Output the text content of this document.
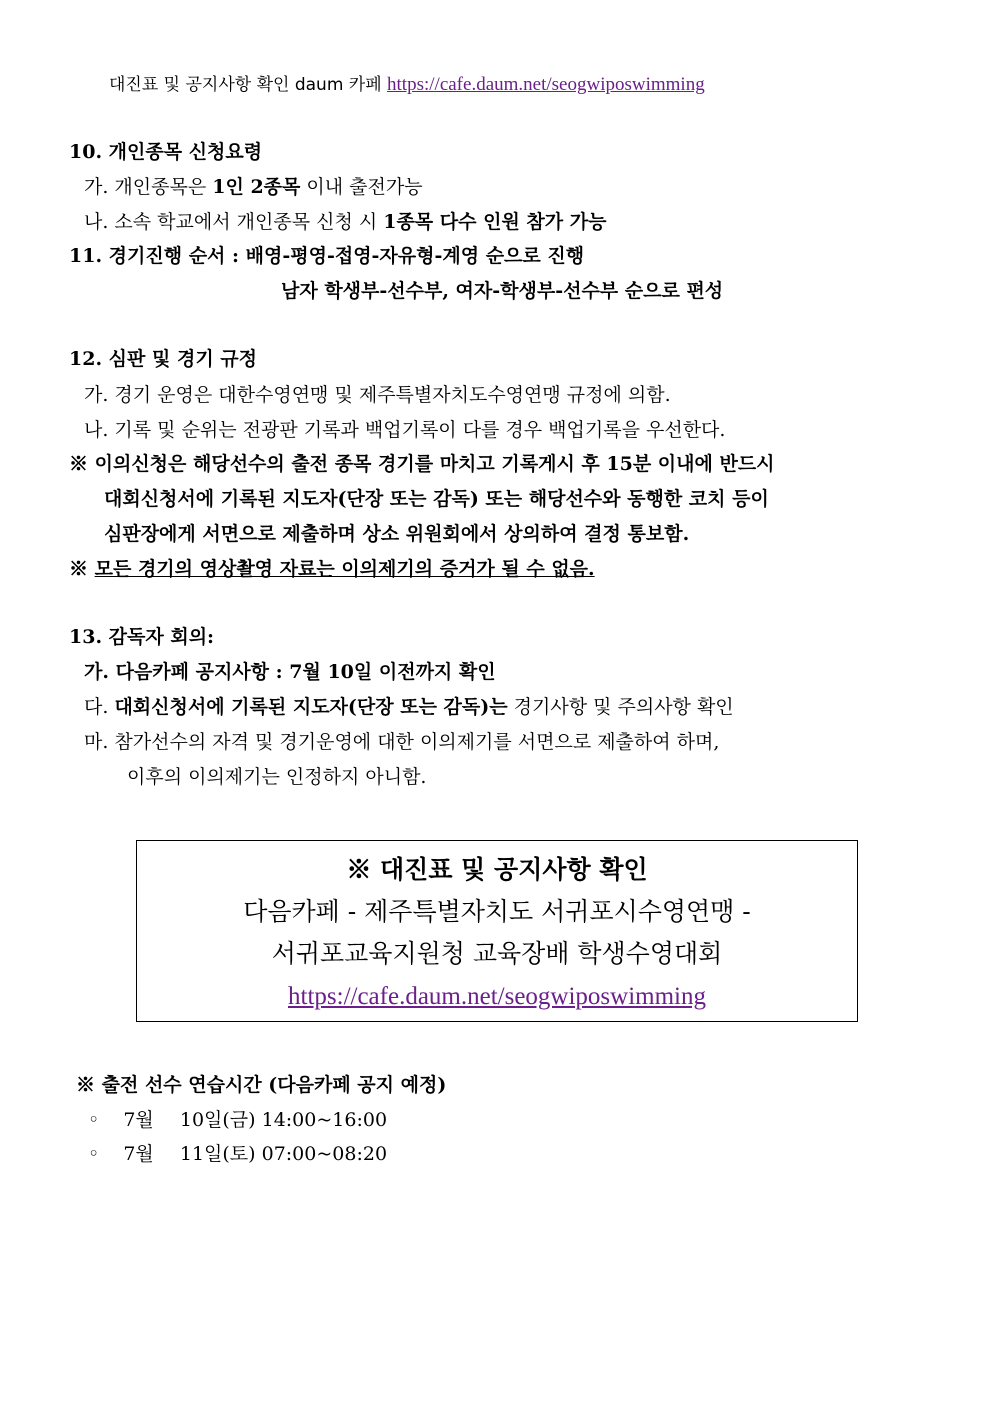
대진표 및 공지사항 확인 daum 카페 https://cafe.daum.net/seogwiposwimming
10. 개인종목 신청요령
가. 개인종목은 1인 2종목 이내 출전가능
나. 소속 학교에서 개인종목 신청 시 1종목 다수 인원 참가 가능
11. 경기진행 순서 : 배영-평영-접영-자유형-계영 순으로 진행
남자 학생부-선수부, 여자-학생부-선수부 순으로 편성
12. 심판 및 경기 규정
가. 경기 운영은 대한수영연맹 및 제주특별자치도수영연맹 규정에 의함.
나. 기록 및 순위는 전광판 기록과 백업기록이 다를 경우 백업기록을 우선한다.
※ 이의신청은 해당선수의 출전 종목 경기를 마치고 기록게시 후 15분 이내에 반드시
대회신청서에 기록된 지도자(단장 또는 감독) 또는 해당선수와 동행한 코치 등이
심판장에게 서면으로 제출하며 상소 위원회에서 상의하여 결정 통보함.
※ 모든 경기의 영상촬영 자료는 이의제기의 증거가 될 수 없음.
13. 감독자 회의:
가. 다음카페 공지사항 : 7월 10일 이전까지 확인
다. 대회신청서에 기록된 지도자(단장 또는 감독)는 경기사항 및 주의사항 확인
마. 참가선수의 자격 및 경기운영에 대한 이의제기를 서면으로 제출하여 하며,
이후의 이의제기는 인정하지 아니함.
※ 대진표 및 공지사항 확인
다음카페 - 제주특별자치도 서귀포시수영연맹 -
서귀포교육지원청 교육장배 학생수영대회
https://cafe.daum.net/seogwiposwimming
※ 출전 선수 연습시간 (다음카페 공지 예정)
◦ 7월 10일(금) 14:00~16:00
◦ 7월 11일(토) 07:00~08:20
